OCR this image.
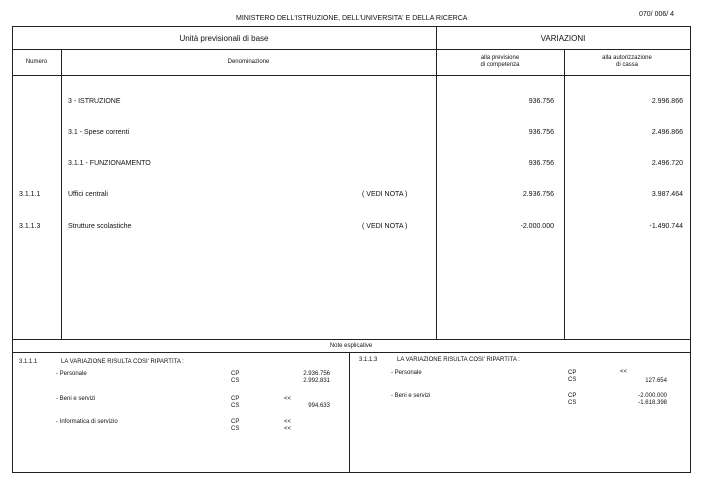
MINISTERO DELL'ISTRUZIONE, DELL'UNIVERSITA' E DELLA RICERCA
070/ 006/ 4
Unità previsionali di base	VARIAZIONI
Numero	Denominazione
alla previsione
di competenza
alla autorizzazione
di cassa
3 - ISTRUZIONE	936.756	2.996.866
3.1 - Spese correnti	936.756	2.496.866
3.1.1 - FUNZIONAMENTO	936.756	2.496.720
3.1.1.1	Uffici centrali	( VEDI NOTA )	2.936.756	3.987.464
3.1.1.3	Strutture scolastiche	( VEDI NOTA )	-2.000.000	-1.490.744
Note esplicative
3.1.1.1	LA VARIAZIONE RISULTA COSI' RIPARTITA :
- Personale	CP	2.936.756
CS	2.992.831
- Beni e servizi	CP	<<
CS	994.633
- Informatica di servizio	CP	<<
CS	<<
3.1.1.3	LA VARIAZIONE RISULTA COSI' RIPARTITA :
- Personale	CP	<<
CS	127.654
- Beni e servizi	CP	-2.000.000
CS	-1.618.398
